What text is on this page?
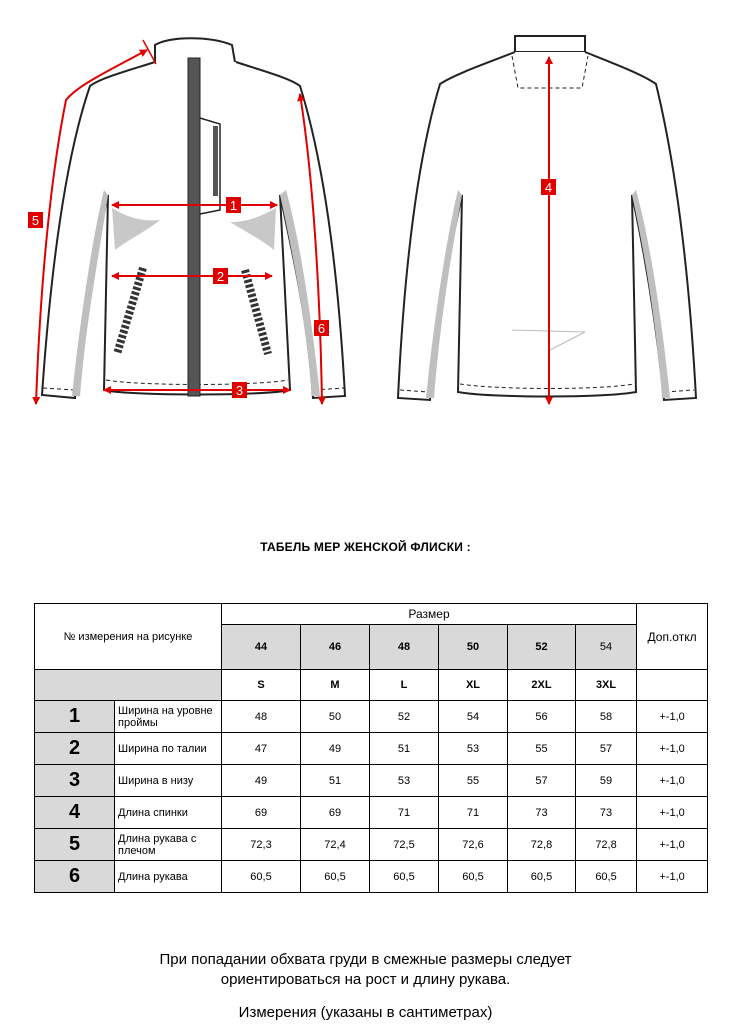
1
2
3
4
5
6
ТАБЕЛЬ МЕР ЖЕНСКОЙ ФЛИСКИ :
№ измерения на рисунке		Размер						Доп.откл
		44	46	48	50	52	54	
		S	M	L	XL	2XL	3XL	
1	Ширина на уровне проймы	48	50	52	54	56	58	+-1,0
2	Ширина по талии	47	49	51	53	55	57	+-1,0
3	Ширина в низу	49	51	53	55	57	59	+-1,0
4	Длина спинки	69	69	71	71	73	73	+-1,0
5	Длина рукава с плечом	72,3	72,4	72,5	72,6	72,8	72,8	+-1,0
6	Длина рукава	60,5	60,5	60,5	60,5	60,5	60,5	+-1,0
При попадании обхвата груди в смежные размеры следует
ориентироваться на рост и длину рукава.
Измерения (указаны в сантиметрах)
